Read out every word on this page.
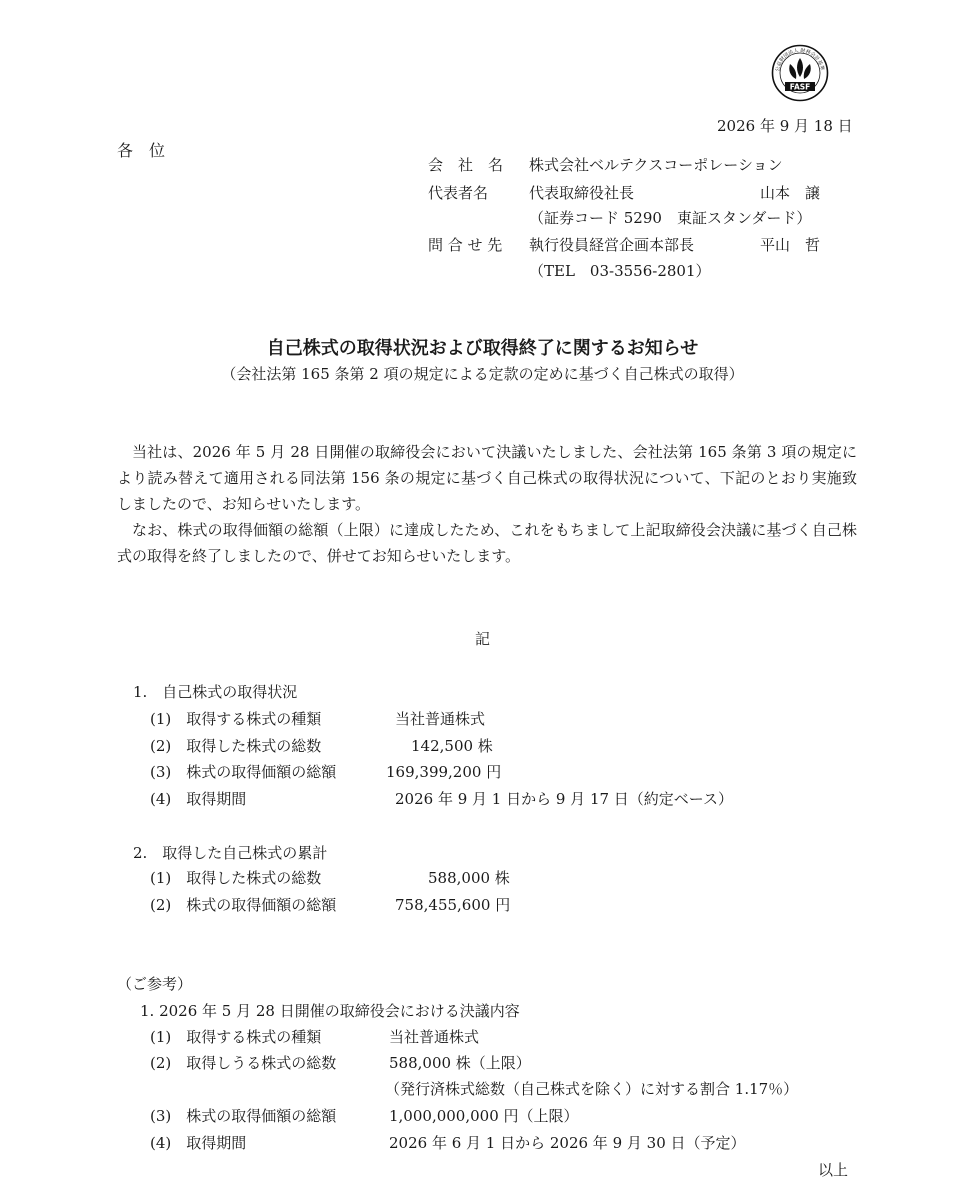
公益財団法人 財務会計基準
FASF
2026 年 9 月 18 日
各　位
会　社　名 株式会社ベルテクスコーポレーション
代表者名	代表取締役社長	山本　譲
（証券コード 5290　東証スタンダード）
問 合 せ 先 執行役員経営企画本部長	平山　哲
（TEL　03-3556-2801）
自己株式の取得状況および取得終了に関するお知らせ
（会社法第 165 条第 2 項の規定による定款の定めに基づく自己株式の取得）

当社は、2026 年 5 月 28 日開催の取締役会において決議いたしました、会社法第 165 条第 3 項の規定により読み替えて適用される同法第 156 条の規定に基づく自己株式の取得状況について、下記のとおり実施致しましたので、お知らせいたします。

なお、株式の取得価額の総額（上限）に達成したため、これをもちまして上記取締役会決議に基づく自己株式の取得を終了しましたので、併せてお知らせいたします。

記
1.　自己株式の取得状況
(1)　取得する株式の種類	当社普通株式
(2)　取得した株式の総数	142,500 株
(3)　株式の取得価額の総額	169,399,200 円
(4)　取得期間	2026 年 9 月 1 日から 9 月 17 日（約定ベース）
2.　取得した自己株式の累計
(1)　取得した株式の総数	588,000 株
(2)　株式の取得価額の総額	758,455,600 円
（ご参考）
1. 2026 年 5 月 28 日開催の取締役会における決議内容
(1)　取得する株式の種類	当社普通株式
(2)　取得しうる株式の総数	588,000 株（上限）
（発行済株式総数（自己株式を除く）に対する割合 1.17％）
(3)　株式の取得価額の総額	1,000,000,000 円（上限）
(4)　取得期間	2026 年 6 月 1 日から 2026 年 9 月 30 日（予定）
以上
